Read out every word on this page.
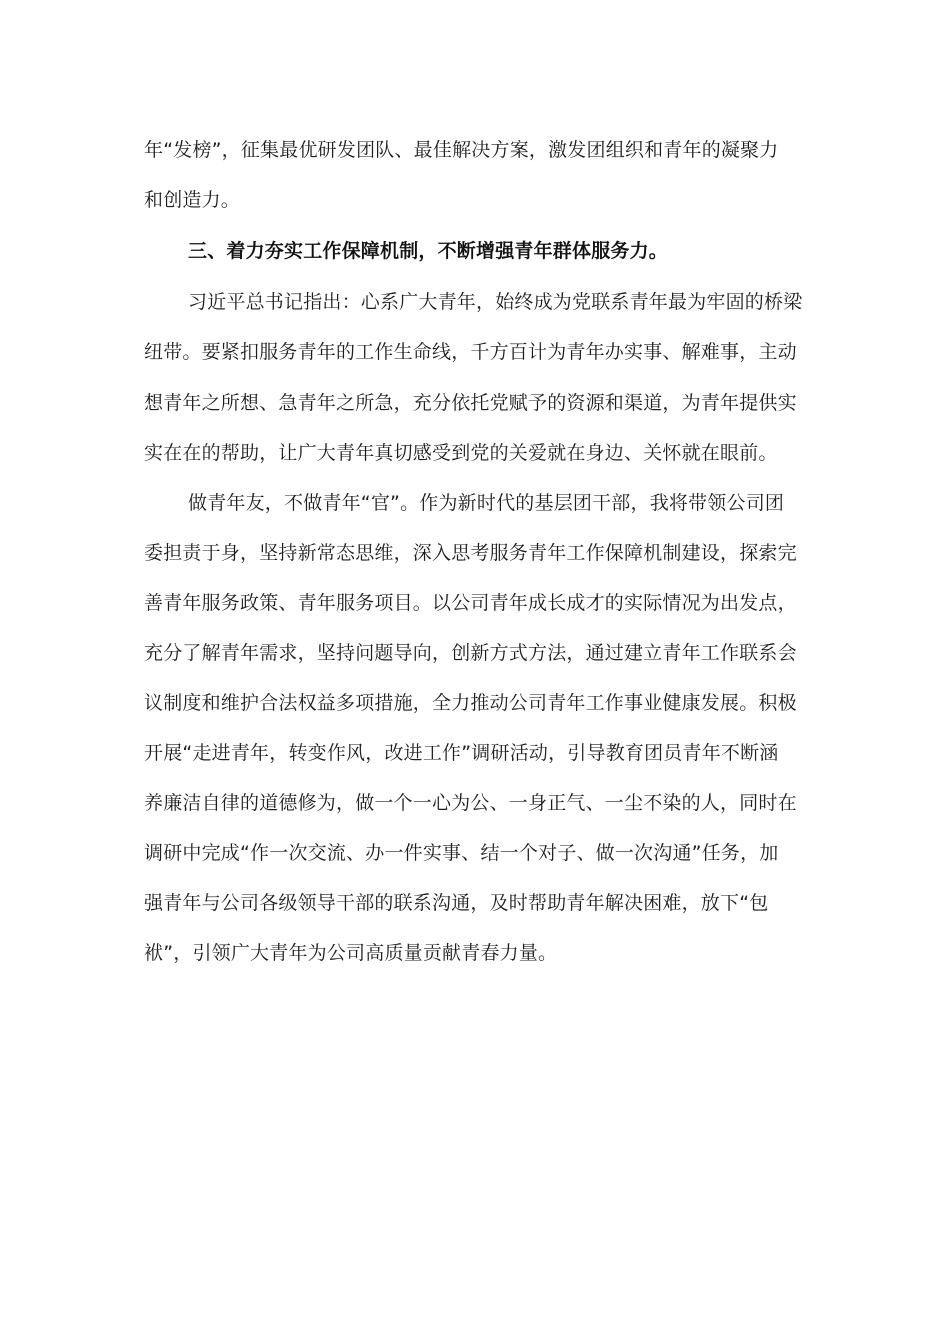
年“发榜”，征集最优研发团队、最佳解决方案，激发团组织和青年的凝聚力

和创造力。

三、着力夯实工作保障机制，不断增强青年群体服务力。

习近平总书记指出：心系广大青年，始终成为党联系青年最为牢固的桥梁

纽带。要紧扣服务青年的工作生命线，千方百计为青年办实事、解难事，主动

想青年之所想、急青年之所急，充分依托党赋予的资源和渠道，为青年提供实

实在在的帮助，让广大青年真切感受到党的关爱就在身边、关怀就在眼前。

做青年友，不做青年“官”。作为新时代的基层团干部，我将带领公司团

委担责于身，坚持新常态思维，深入思考服务青年工作保障机制建设，探索完

善青年服务政策、青年服务项目。以公司青年成长成才的实际情况为出发点，

充分了解青年需求，坚持问题导向，创新方式方法，通过建立青年工作联系会

议制度和维护合法权益多项措施，全力推动公司青年工作事业健康发展。积极

开展“走进青年，转变作风，改进工作”调研活动，引导教育团员青年不断涵

养廉洁自律的道德修为，做一个一心为公、一身正气、一尘不染的人，同时在

调研中完成“作一次交流、办一件实事、结一个对子、做一次沟通”任务，加

强青年与公司各级领导干部的联系沟通，及时帮助青年解决困难，放下“包

袱”，引领广大青年为公司高质量贡献青春力量。
